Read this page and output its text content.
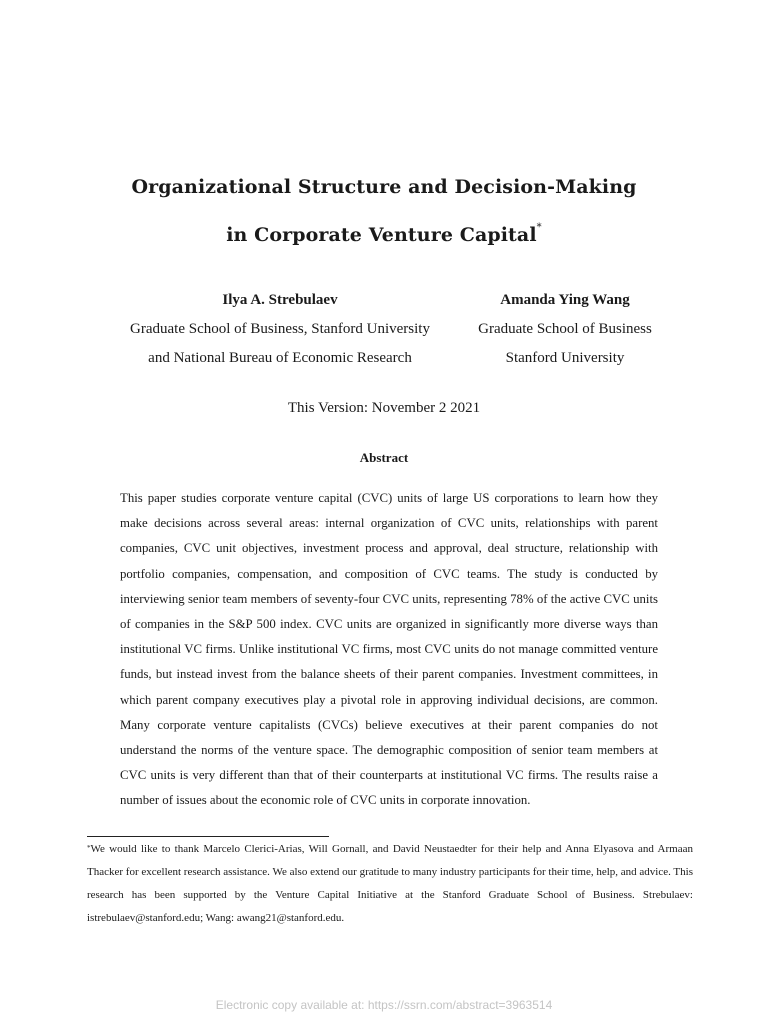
Organizational Structure and Decision-Making
in Corporate Venture Capital*
Ilya A. Strebulaev
Graduate School of Business, Stanford University
and National Bureau of Economic Research
Amanda Ying Wang
Graduate School of Business
Stanford University
This Version: November 2 2021
Abstract
This paper studies corporate venture capital (CVC) units of large US corporations to learn how they make decisions across several areas: internal organization of CVC units, relationships with parent companies, CVC unit objectives, investment process and approval, deal structure, relationship with portfolio companies, compensation, and composition of CVC teams. The study is conducted by interviewing senior team members of seventy-four CVC units, representing 78% of the active CVC units of companies in the S&P 500 index. CVC units are organized in significantly more diverse ways than institutional VC firms. Unlike institutional VC firms, most CVC units do not manage committed venture funds, but instead invest from the balance sheets of their parent companies. Investment committees, in which parent company executives play a pivotal role in approving individual decisions, are common. Many corporate venture capitalists (CVCs) believe executives at their parent companies do not understand the norms of the venture space. The demographic composition of senior team members at CVC units is very different than that of their counterparts at institutional VC firms. The results raise a number of issues about the economic role of CVC units in corporate innovation.
*We would like to thank Marcelo Clerici-Arias, Will Gornall, and David Neustaedter for their help and Anna Elyasova and Armaan Thacker for excellent research assistance. We also extend our gratitude to many industry participants for their time, help, and advice. This research has been supported by the Venture Capital Initiative at the Stanford Graduate School of Business. Strebulaev: istrebulaev@stanford.edu; Wang: awang21@stanford.edu.
Electronic copy available at: https://ssrn.com/abstract=3963514
